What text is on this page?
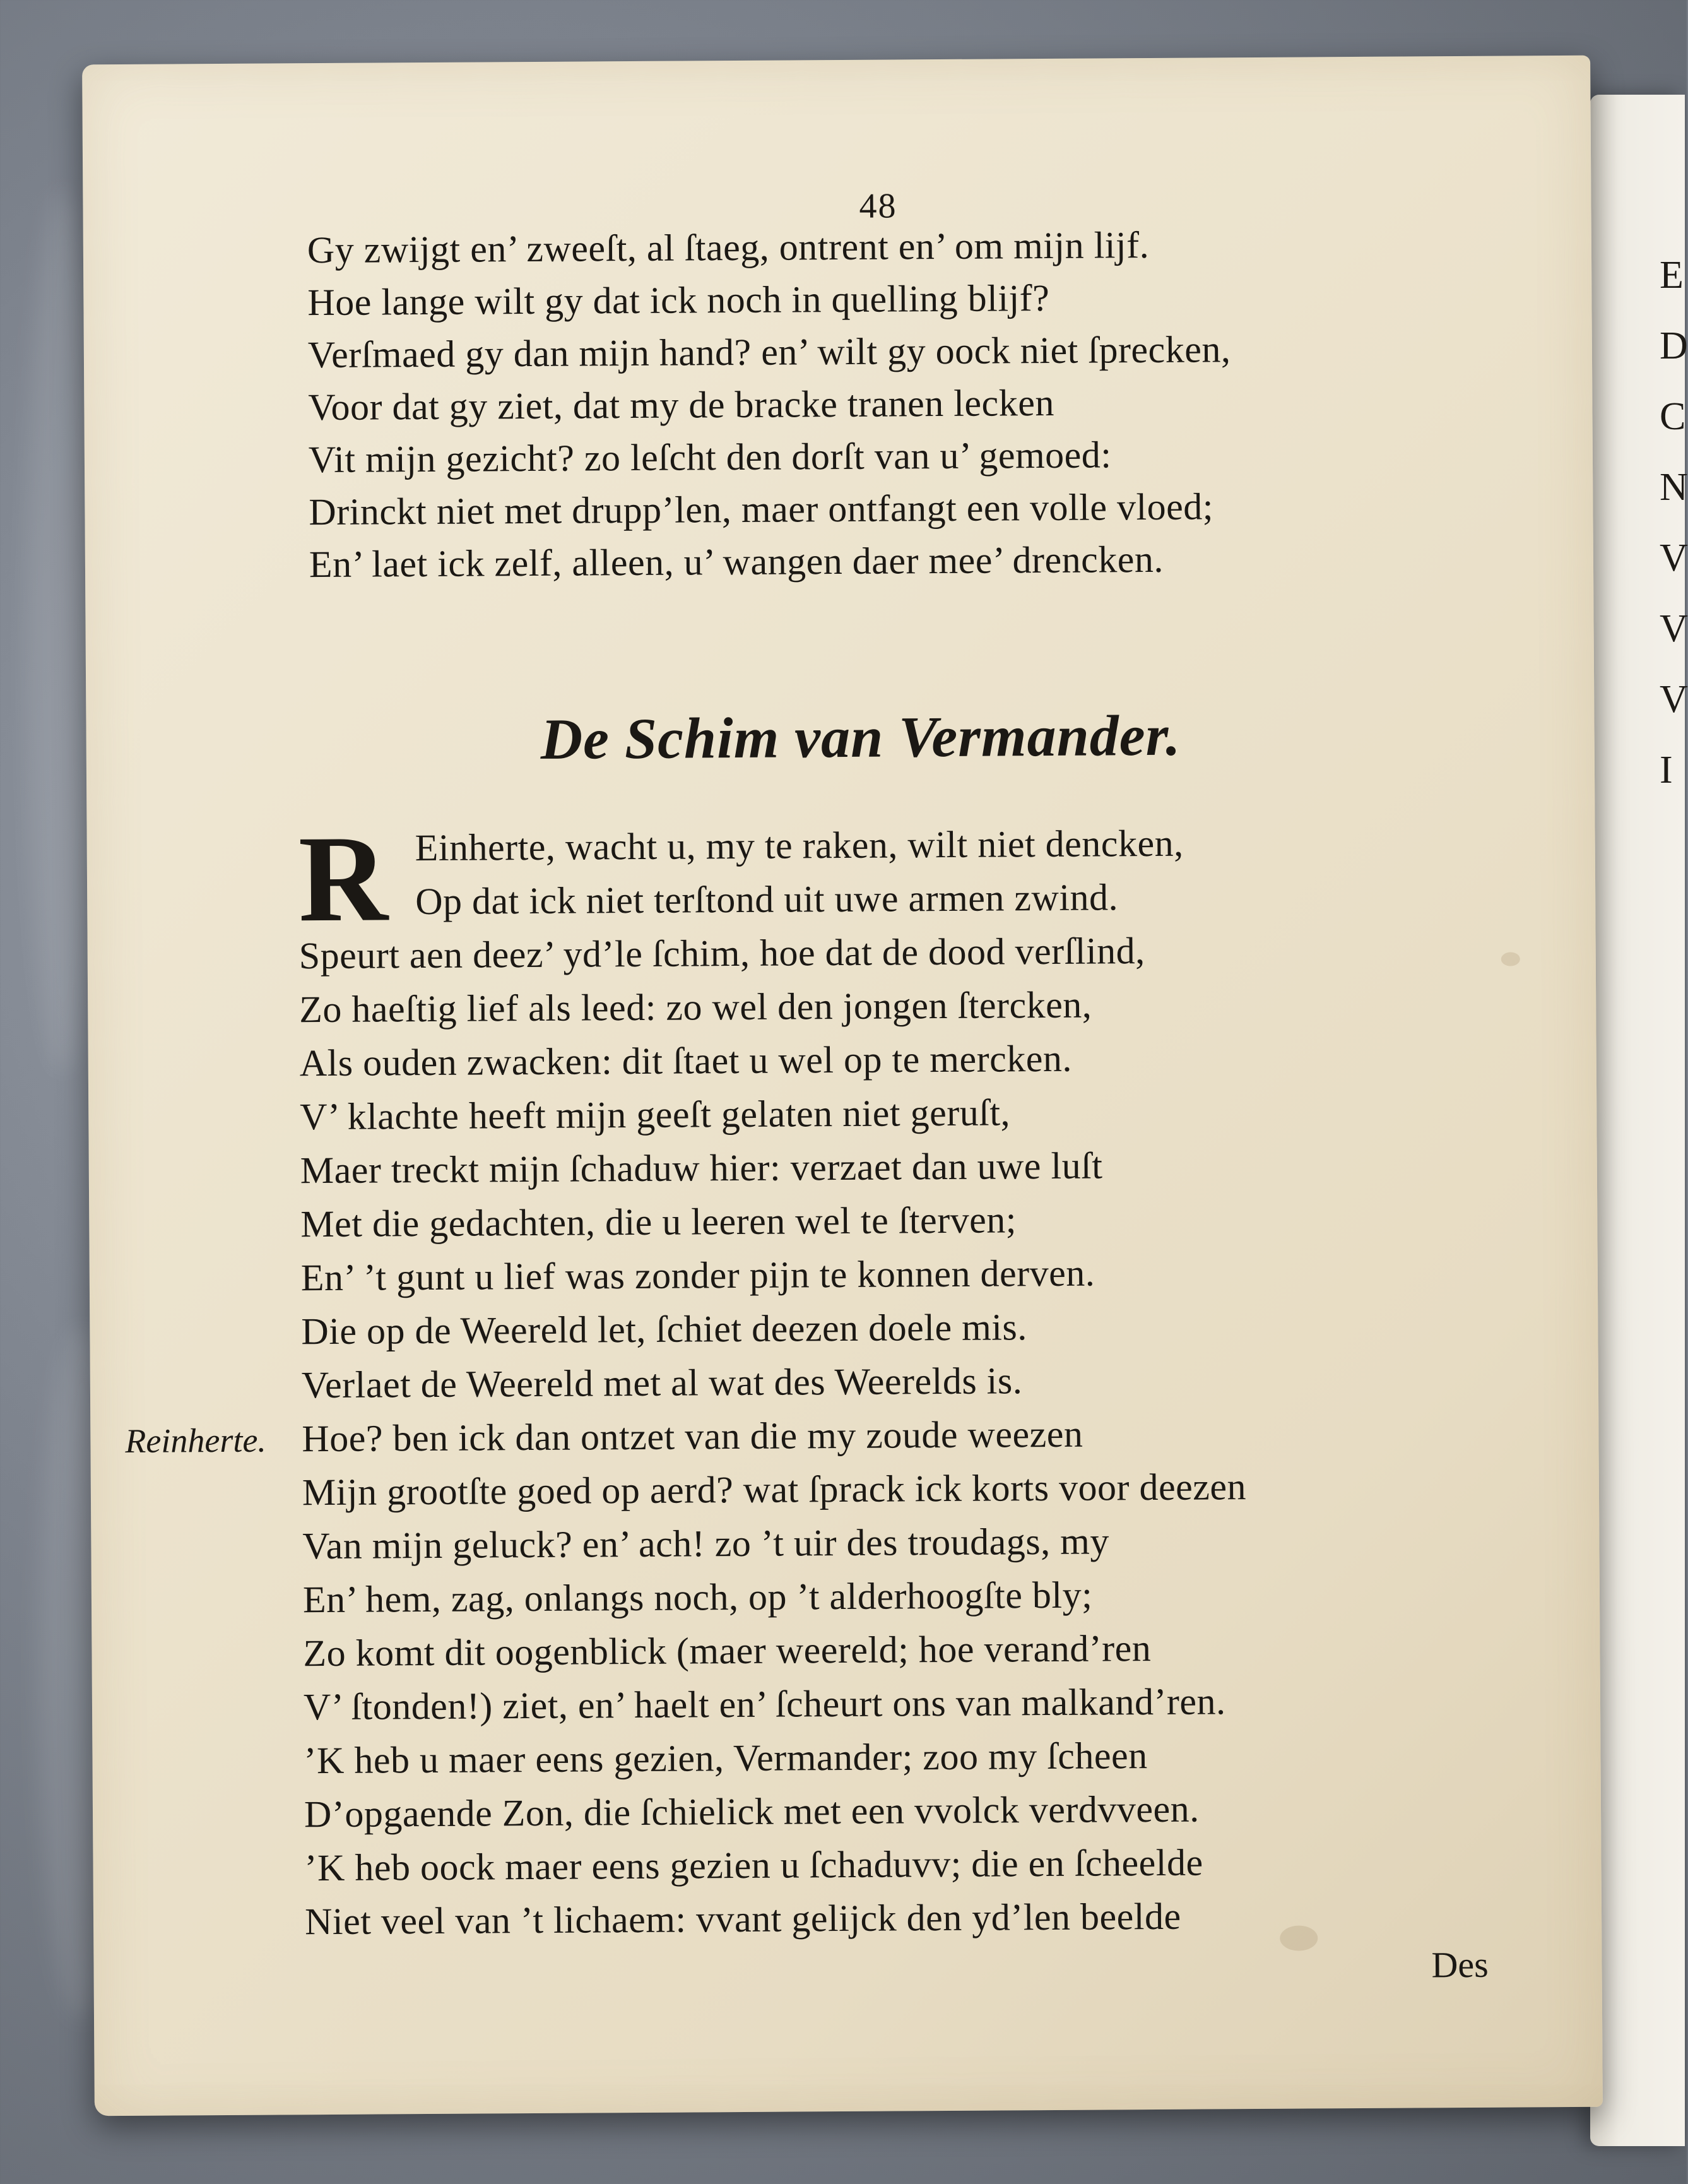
E
D
C
N
V
V
V
I
48
Gy zwijgt en’ zweeſt, al ſtaeg, ontrent en’ om mijn lijf.
Hoe lange wilt gy dat ick noch in quelling blijf?
Verſmaed gy dan mijn hand? en’ wilt gy oock niet ſprecken,
Voor dat gy ziet, dat my de bracke tranen lecken
Vit mijn gezicht? zo leſcht den dorſt van u’ gemoed:
Drinckt niet met drupp’len, maer ontfangt een volle vloed;
En’ laet ick zelf, alleen, u’ wangen daer mee’ drencken.
De Schim van Vermander.
R Einherte, wacht u, my te raken, wilt niet dencken,
Op dat ick niet terſtond uit uwe armen zwind.
Speurt aen deez’ yd’le ſchim, hoe dat de dood verſlind,
Zo haeſtig lief als leed: zo wel den jongen ſtercken,
Als ouden zwacken: dit ſtaet u wel op te mercken.
V’ klachte heeft mijn geeſt gelaten niet geruſt,
Maer treckt mijn ſchaduw hier: verzaet dan uwe luſt
Met die gedachten, die u leeren wel te ſterven;
En’ ’t gunt u lief was zonder pijn te konnen derven.
Die op de Weereld let, ſchiet deezen doele mis.
Verlaet de Weereld met al wat des Weerelds is.
Reinherte. Hoe? ben ick dan ontzet van die my zoude weezen
Mijn grootſte goed op aerd? wat ſprack ick korts voor deezen
Van mijn geluck? en’ ach! zo ’t uir des troudags, my
En’ hem, zag, onlangs noch, op ’t alderhoogſte bly;
Zo komt dit oogenblick (maer weereld; hoe verand’ren
V’ ſtonden!) ziet, en’ haelt en’ ſcheurt ons van malkand’ren.
’K heb u maer eens gezien, Vermander; zoo my ſcheen
D’opgaende Zon, die ſchielick met een vvolck verdvveen.
’K heb oock maer eens gezien u ſchaduvv; die en ſcheelde
Niet veel van ’t lichaem: vvant gelijck den yd’len beelde
Des
